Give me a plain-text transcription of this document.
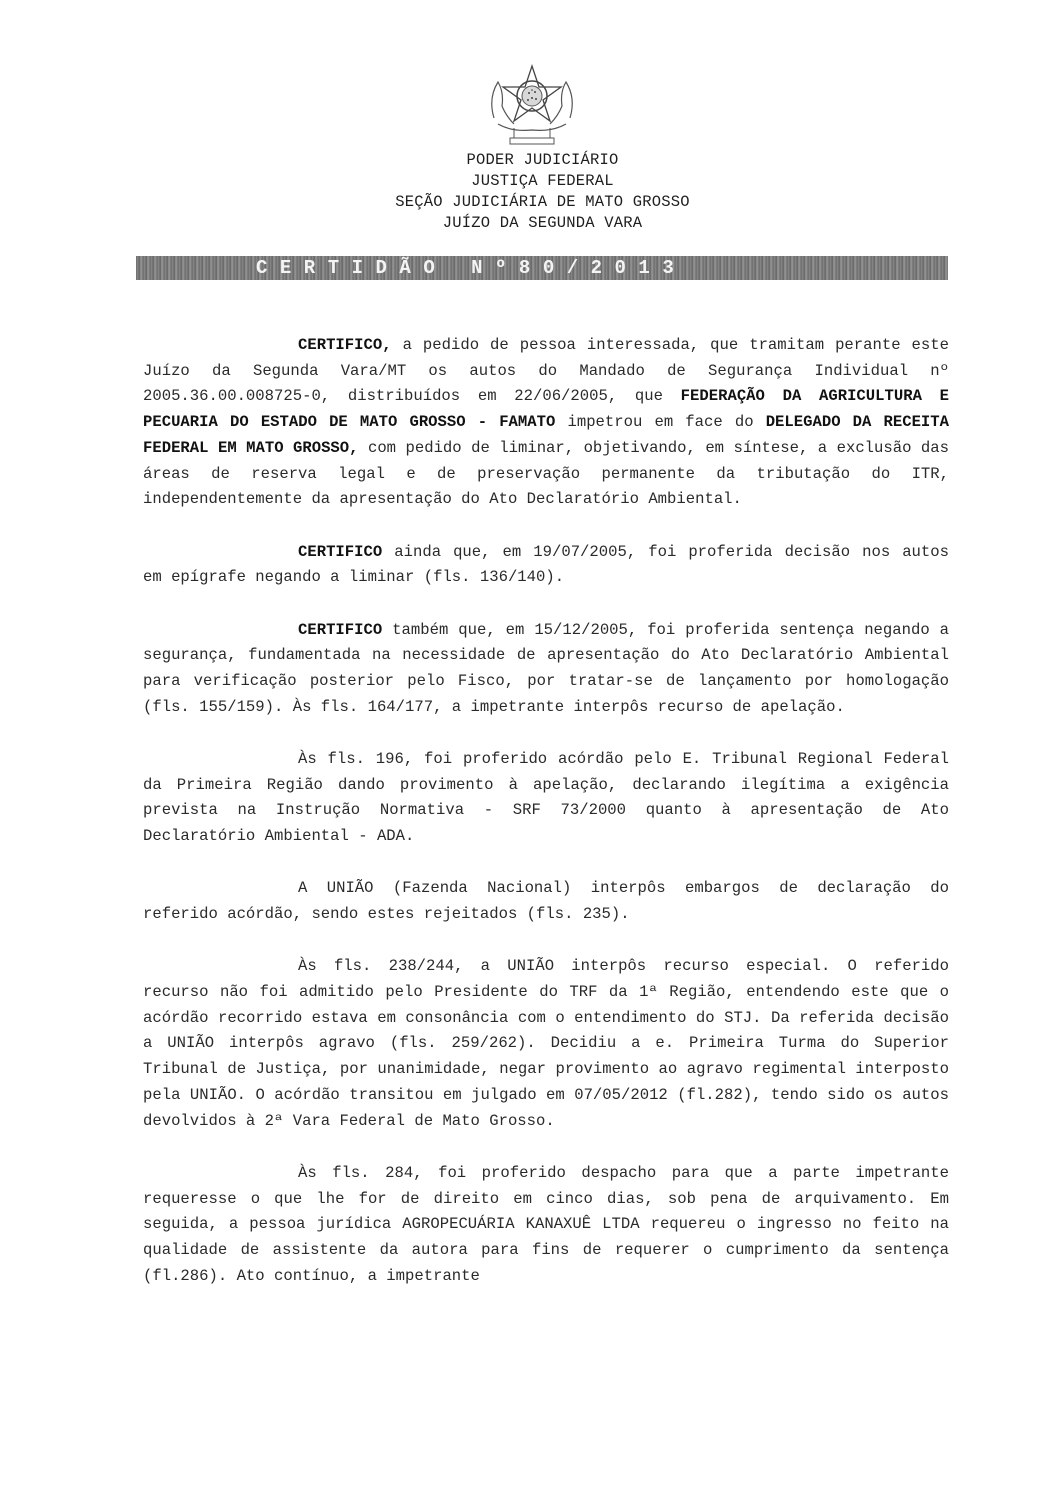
PODER JUDICIÁRIO
JUSTIÇA FEDERAL
SEÇÃO JUDICIÁRIA DE MATO GROSSO
JUÍZO DA SEGUNDA VARA
CERTIDÃO Nº80/2013

CERTIFICO, a pedido de pessoa interessada, que tramitam perante este Juízo da Segunda Vara/MT os autos do Mandado de Segurança Individual nº 2005.36.00.008725-0, distribuídos em 22/06/2005, que FEDERAÇÃO DA AGRICULTURA E PECUARIA DO ESTADO DE MATO GROSSO - FAMATO impetrou em face do DELEGADO DA RECEITA FEDERAL EM MATO GROSSO, com pedido de liminar, objetivando, em síntese, a exclusão das áreas de reserva legal e de preservação permanente da tributação do ITR, independentemente da apresentação do Ato Declaratório Ambiental.

CERTIFICO ainda que, em 19/07/2005, foi proferida decisão nos autos em epígrafe negando a liminar (fls. 136/140).

CERTIFICO também que, em 15/12/2005, foi proferida sentença negando a segurança, fundamentada na necessidade de apresentação do Ato Declaratório Ambiental para verificação posterior pelo Fisco, por tratar-se de lançamento por homologação (fls. 155/159). Às fls. 164/177, a impetrante interpôs recurso de apelação.

Às fls. 196, foi proferido acórdão pelo E. Tribunal Regional Federal da Primeira Região dando provimento à apelação, declarando ilegítima a exigência prevista na Instrução Normativa - SRF 73/2000 quanto à apresentação de Ato Declaratório Ambiental - ADA.

A UNIÃO (Fazenda Nacional) interpôs embargos de declaração do referido acórdão, sendo estes rejeitados (fls. 235).

Às fls. 238/244, a UNIÃO interpôs recurso especial. O referido recurso não foi admitido pelo Presidente do TRF da 1ª Região, entendendo este que o acórdão recorrido estava em consonância com o entendimento do STJ. Da referida decisão a UNIÃO interpôs agravo (fls. 259/262). Decidiu a e. Primeira Turma do Superior Tribunal de Justiça, por unanimidade, negar provimento ao agravo regimental interposto pela UNIÃO. O acórdão transitou em julgado em 07/05/2012 (fl.282), tendo sido os autos devolvidos à 2ª Vara Federal de Mato Grosso.

Às fls. 284, foi proferido despacho para que a parte impetrante requeresse o que lhe for de direito em cinco dias, sob pena de arquivamento. Em seguida, a pessoa jurídica AGROPECUÁRIA KANAXUÊ LTDA requereu o ingresso no feito na qualidade de assistente da autora para fins de requerer o cumprimento da sentença (fl.286). Ato contínuo, a impetrante
